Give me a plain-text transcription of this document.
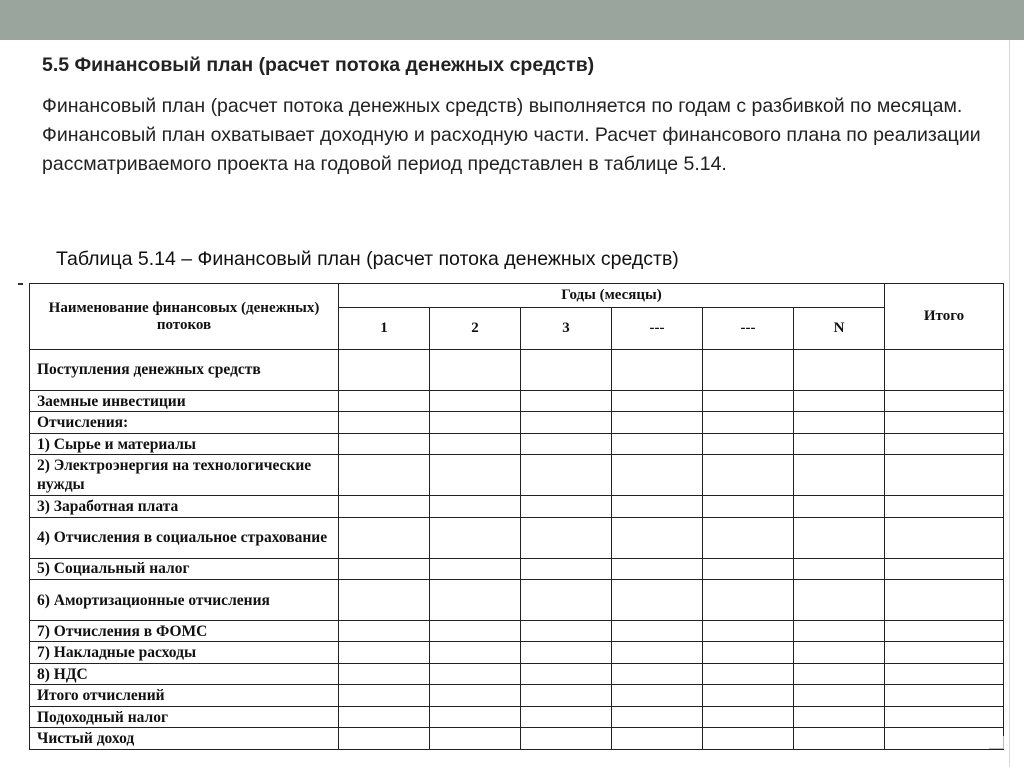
5.5 Финансовый план (расчет потока денежных средств)
Финансовый план (расчет потока денежных средств) выполняется по годам с разбивкой по месяцам. Финансовый план охватывает доходную и расходную части. Расчет финансового плана по реализации рассматриваемого проекта на годовой период представлен в таблице 5.14.
Таблица 5.14 – Финансовый план (расчет потока денежных средств)
Наименование финансовых (денежных) потоков	Годы (месяцы)						Итого
	1	2	3	---	---	N	
Поступления денежных средств							
Заемные инвестиции							
Отчисления:							
1) Сырье и материалы							
2) Электроэнергия на технологические нужды							
3) Заработная плата							
4) Отчисления в социальное страхование							
5) Социальный налог							
6) Амортизационные отчисления							
7) Отчисления в ФОМС							
7) Накладные расходы							
8) НДС							
Итого отчислений							
Подоходный налог							
Чистый доход							
